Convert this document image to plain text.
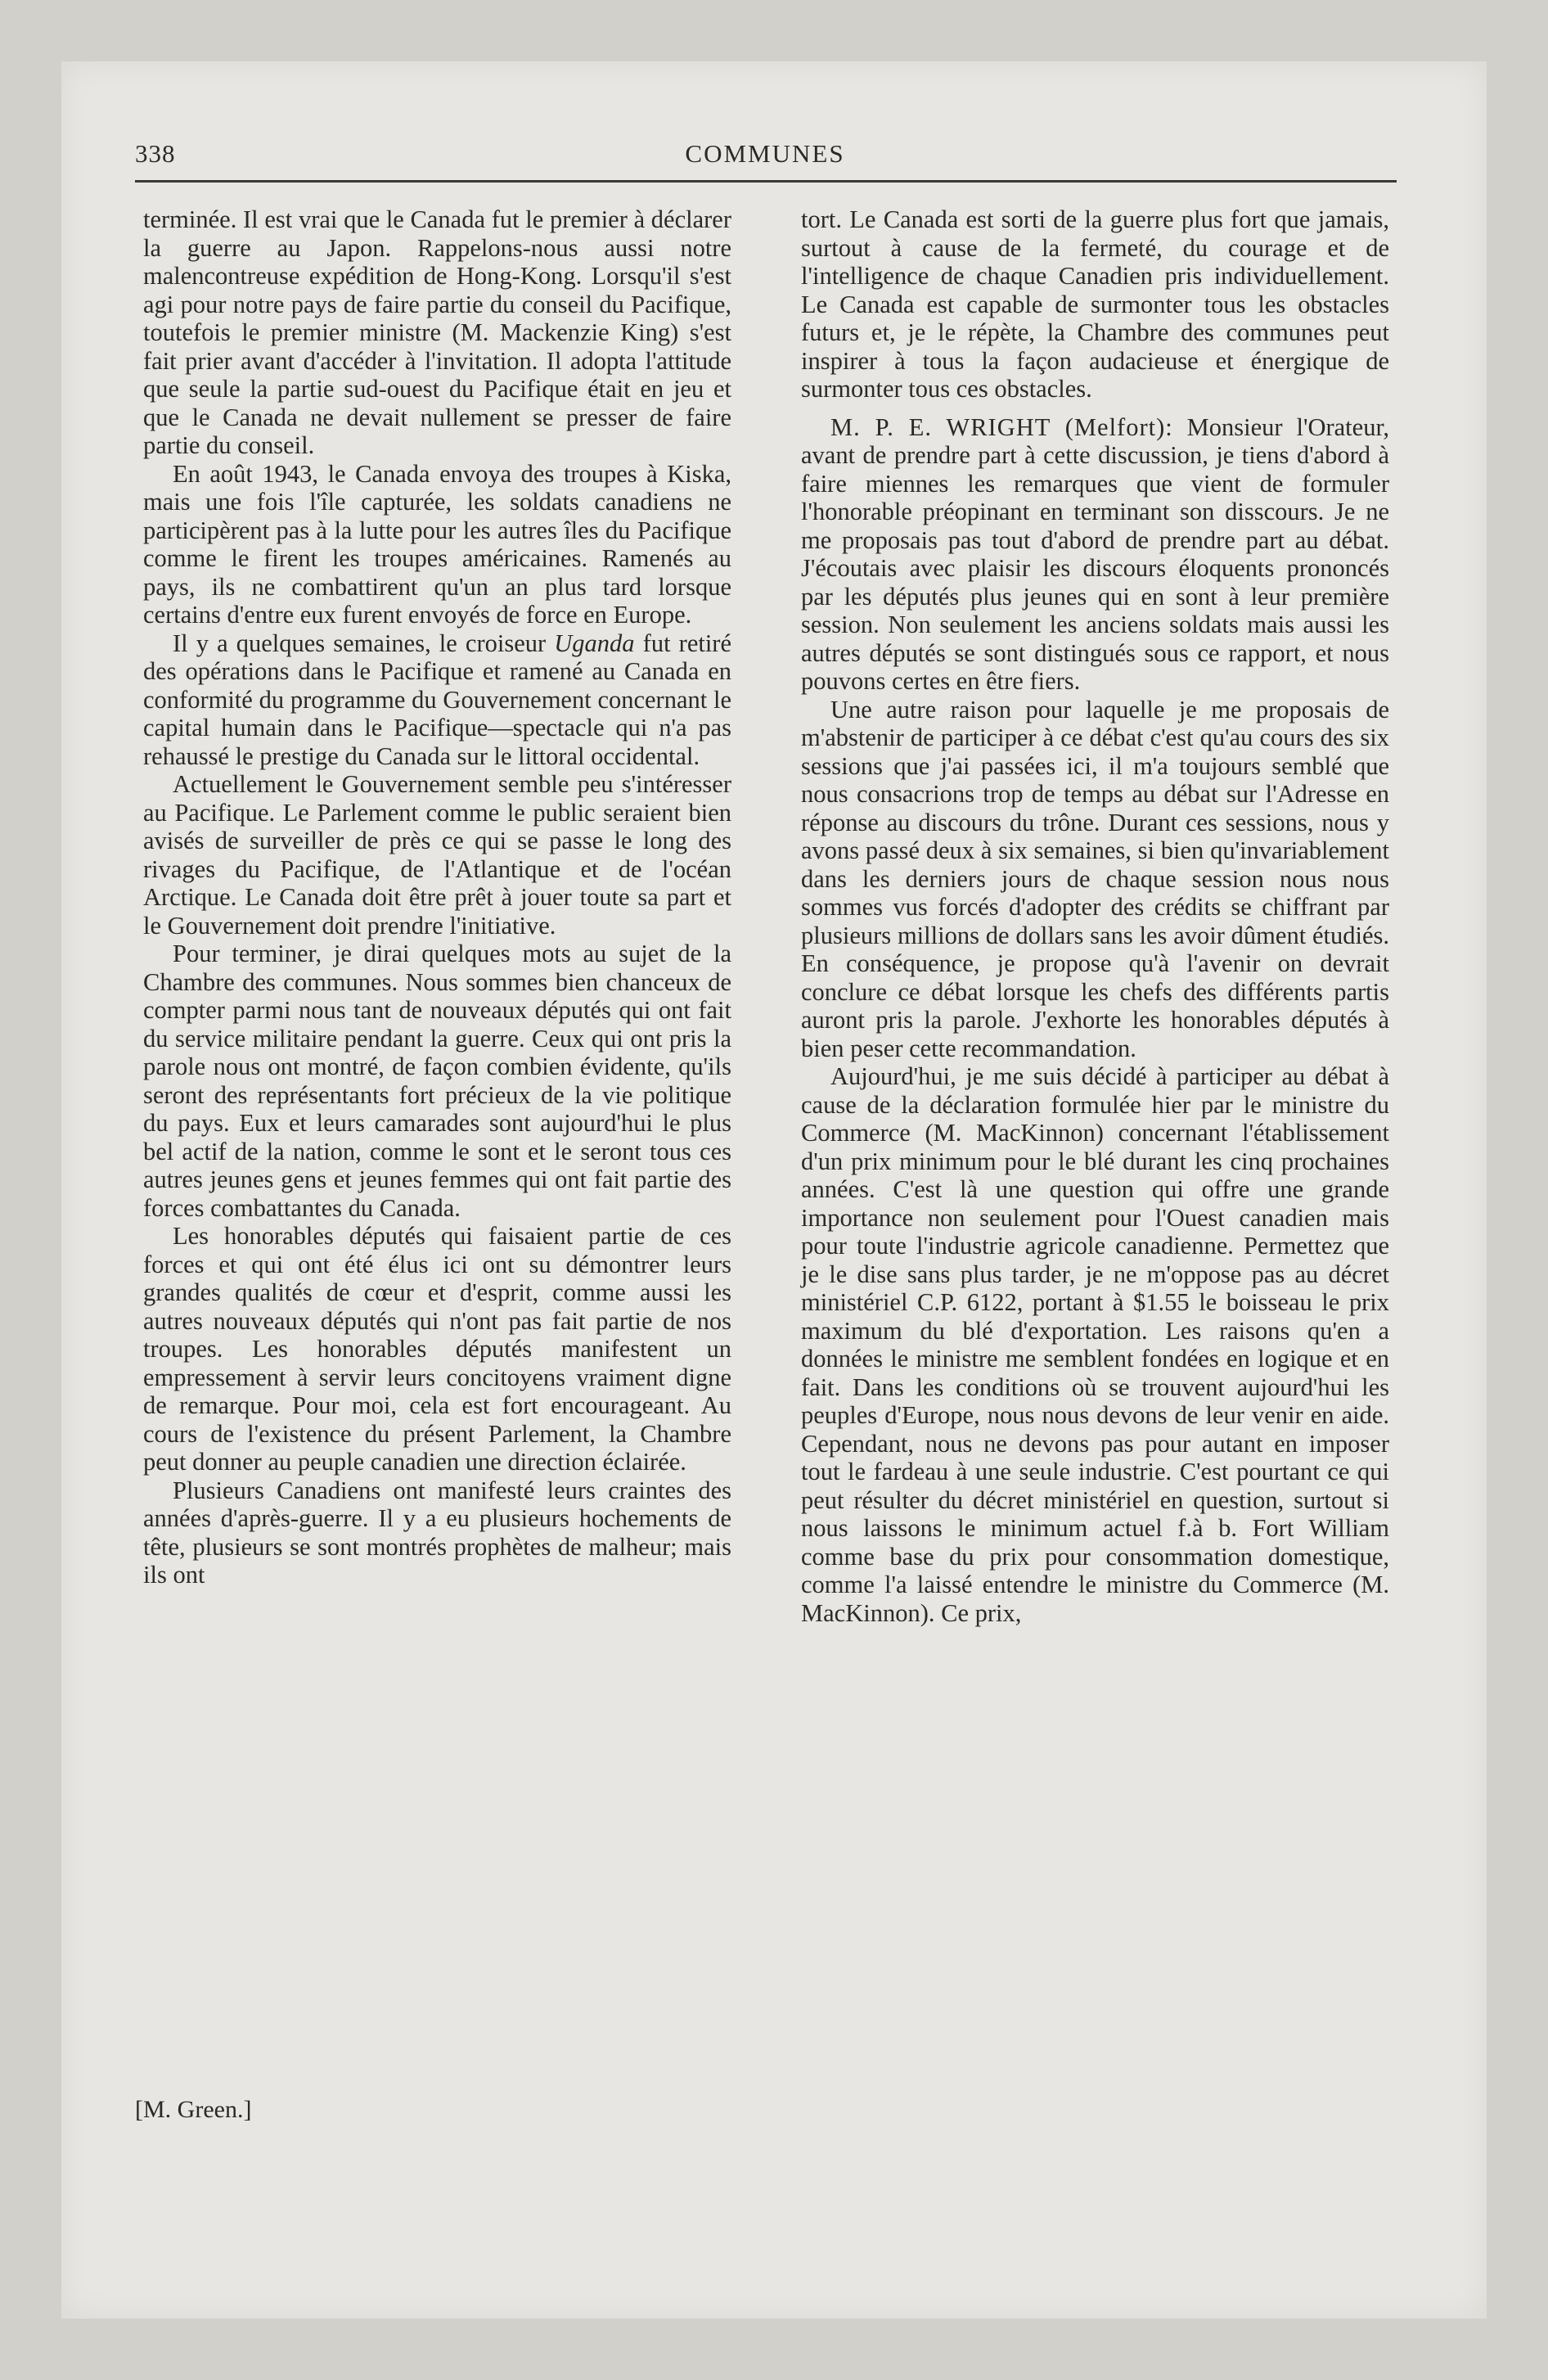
338	COMMUNES

terminée. Il est vrai que le Canada fut le premier à déclarer la guerre au Japon. Rappelons-nous aussi notre malencontreuse expédition de Hong-Kong. Lorsqu'il s'est agi pour notre pays de faire partie du conseil du Pacifique, toutefois le premier ministre (M. Mackenzie King) s'est fait prier avant d'accéder à l'invitation. Il adopta l'attitude que seule la partie sud-ouest du Pacifique était en jeu et que le Canada ne devait nullement se presser de faire partie du conseil.

En août 1943, le Canada envoya des troupes à Kiska, mais une fois l'île capturée, les soldats canadiens ne participèrent pas à la lutte pour les autres îles du Pacifique comme le firent les troupes américaines. Ramenés au pays, ils ne combattirent qu'un an plus tard lorsque certains d'entre eux furent envoyés de force en Europe.

Il y a quelques semaines, le croiseur Uganda fut retiré des opérations dans le Pacifique et ramené au Canada en conformité du programme du Gouvernement concernant le capital humain dans le Pacifique—spectacle qui n'a pas rehaussé le prestige du Canada sur le littoral occidental.

Actuellement le Gouvernement semble peu s'intéresser au Pacifique. Le Parlement comme le public seraient bien avisés de surveiller de près ce qui se passe le long des rivages du Pacifique, de l'Atlantique et de l'océan Arctique. Le Canada doit être prêt à jouer toute sa part et le Gouvernement doit prendre l'initiative.

Pour terminer, je dirai quelques mots au sujet de la Chambre des communes. Nous sommes bien chanceux de compter parmi nous tant de nouveaux députés qui ont fait du service militaire pendant la guerre. Ceux qui ont pris la parole nous ont montré, de façon combien évidente, qu'ils seront des représentants fort précieux de la vie politique du pays. Eux et leurs camarades sont aujourd'hui le plus bel actif de la nation, comme le sont et le seront tous ces autres jeunes gens et jeunes femmes qui ont fait partie des forces combattantes du Canada.

Les honorables députés qui faisaient partie de ces forces et qui ont été élus ici ont su démontrer leurs grandes qualités de cœur et d'esprit, comme aussi les autres nouveaux députés qui n'ont pas fait partie de nos troupes. Les honorables députés manifestent un empressement à servir leurs concitoyens vraiment digne de remarque. Pour moi, cela est fort encourageant. Au cours de l'existence du présent Parlement, la Chambre peut donner au peuple canadien une direction éclairée.

Plusieurs Canadiens ont manifesté leurs craintes des années d'après-guerre. Il y a eu plusieurs hochements de tête, plusieurs se sont montrés prophètes de malheur; mais ils ont

tort. Le Canada est sorti de la guerre plus fort que jamais, surtout à cause de la fermeté, du courage et de l'intelligence de chaque Canadien pris individuellement. Le Canada est capable de surmonter tous les obstacles futurs et, je le répète, la Chambre des communes peut inspirer à tous la façon audacieuse et énergique de surmonter tous ces obstacles.

M. P. E. WRIGHT (Melfort): Monsieur l'Orateur, avant de prendre part à cette discussion, je tiens d'abord à faire miennes les remarques que vient de formuler l'honorable préopinant en terminant son disscours. Je ne me proposais pas tout d'abord de prendre part au débat. J'écoutais avec plaisir les discours éloquents prononcés par les députés plus jeunes qui en sont à leur première session. Non seulement les anciens soldats mais aussi les autres députés se sont distingués sous ce rapport, et nous pouvons certes en être fiers.

Une autre raison pour laquelle je me proposais de m'abstenir de participer à ce débat c'est qu'au cours des six sessions que j'ai passées ici, il m'a toujours semblé que nous consacrions trop de temps au débat sur l'Adresse en réponse au discours du trône. Durant ces sessions, nous y avons passé deux à six semaines, si bien qu'invariablement dans les derniers jours de chaque session nous nous sommes vus forcés d'adopter des crédits se chiffrant par plusieurs millions de dollars sans les avoir dûment étudiés. En conséquence, je propose qu'à l'avenir on devrait conclure ce débat lorsque les chefs des différents partis auront pris la parole. J'exhorte les honorables députés à bien peser cette recommandation.

Aujourd'hui, je me suis décidé à participer au débat à cause de la déclaration formulée hier par le ministre du Commerce (M. MacKinnon) concernant l'établissement d'un prix minimum pour le blé durant les cinq prochaines années. C'est là une question qui offre une grande importance non seulement pour l'Ouest canadien mais pour toute l'industrie agricole canadienne. Permettez que je le dise sans plus tarder, je ne m'oppose pas au décret ministériel C.P. 6122, portant à $1.55 le boisseau le prix maximum du blé d'exportation. Les raisons qu'en a données le ministre me semblent fondées en logique et en fait. Dans les conditions où se trouvent aujourd'hui les peuples d'Europe, nous nous devons de leur venir en aide. Cependant, nous ne devons pas pour autant en imposer tout le fardeau à une seule industrie. C'est pourtant ce qui peut résulter du décret ministériel en question, surtout si nous laissons le minimum actuel f.à b. Fort William comme base du prix pour consommation domestique, comme l'a laissé entendre le ministre du Commerce (M. MacKinnon). Ce prix,

[M. Green.]
